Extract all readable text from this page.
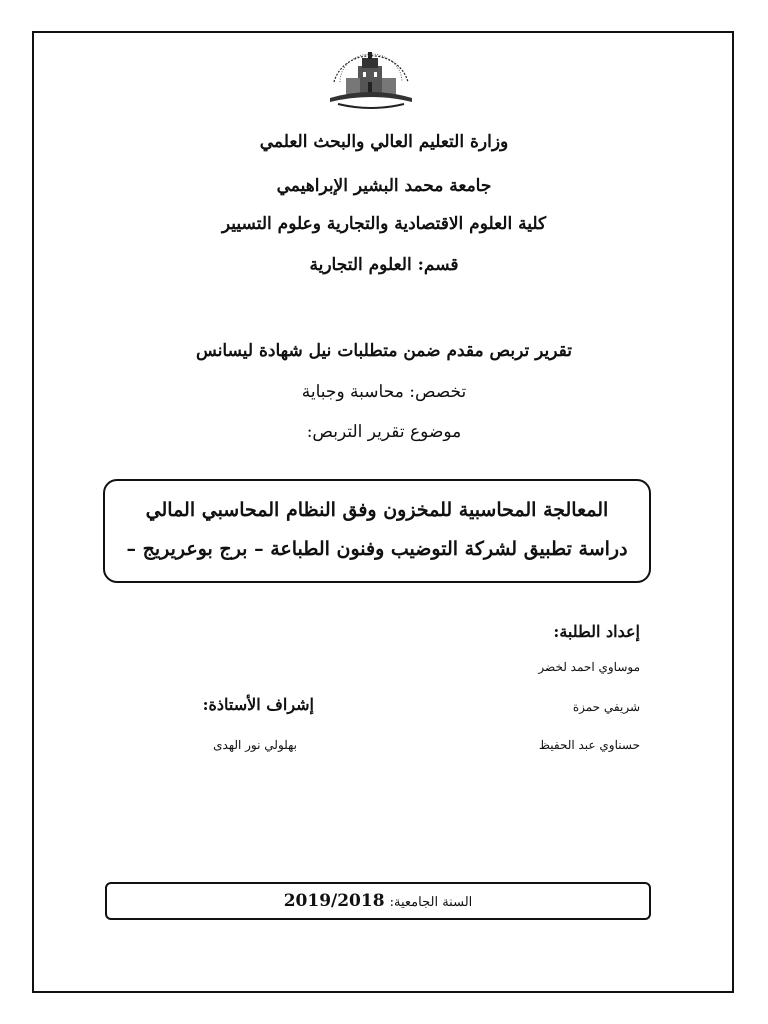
وزارة التعليم العالي والبحث العلمي
جامعة محمد البشير الإبراهيمي
كلية العلوم الاقتصادية والتجارية وعلوم التسيير
قسم: العلوم التجارية
تقرير تربص مقدم ضمن متطلبات نيل شهادة ليسانس
تخصص: محاسبة وجباية
موضوع تقرير التربص:
المعالجة المحاسبية للمخزون وفق النظام المحاسبي المالي
دراسة تطبيق لشركة التوضيب وفنون الطباعة – برج بوعريريج –
إعداد الطلبة:
موساوي احمد لخضر
شريفي حمزة
حسناوي عبد الحفيظ
إشراف الأستاذة:
بهلولي نور الهدى
السنة الجامعية: 2019/2018
